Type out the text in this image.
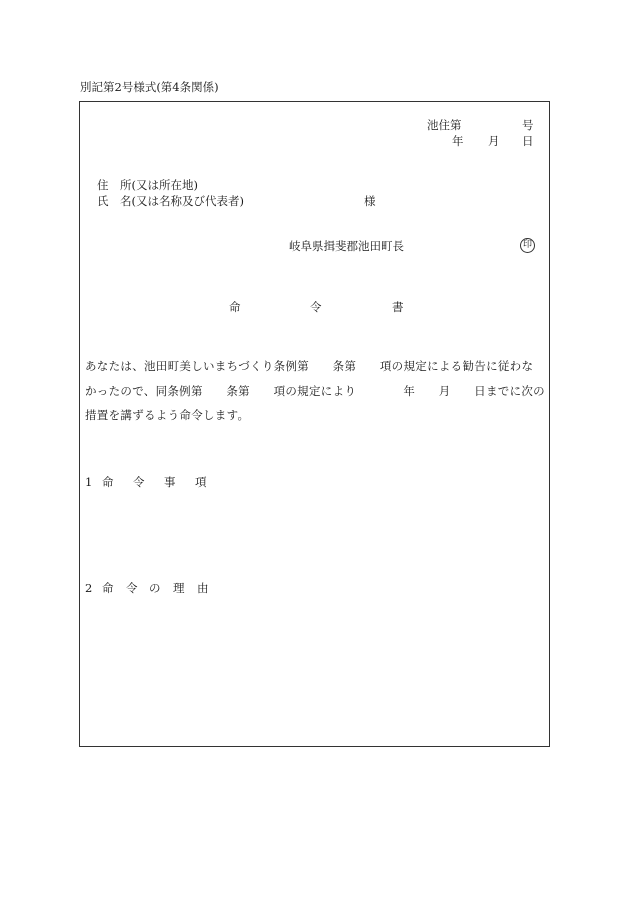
別記第2号様式(第4条関係)
池住第	号
年 月 日
住　所(又は所在地)
氏　名(又は名称及び代表者)	様
岐阜県揖斐郡池田町長	印
命	令	書
あなたは、池田町美しいまちづくり条例第　　条第　　項の規定による勧告に従わな
かったので、同条例第　　条第　　項の規定により　　　　年　　月　　日までに次の
措置を講ずるよう命令します。
1 命 令 事 項
2 命 令 の 理 由
